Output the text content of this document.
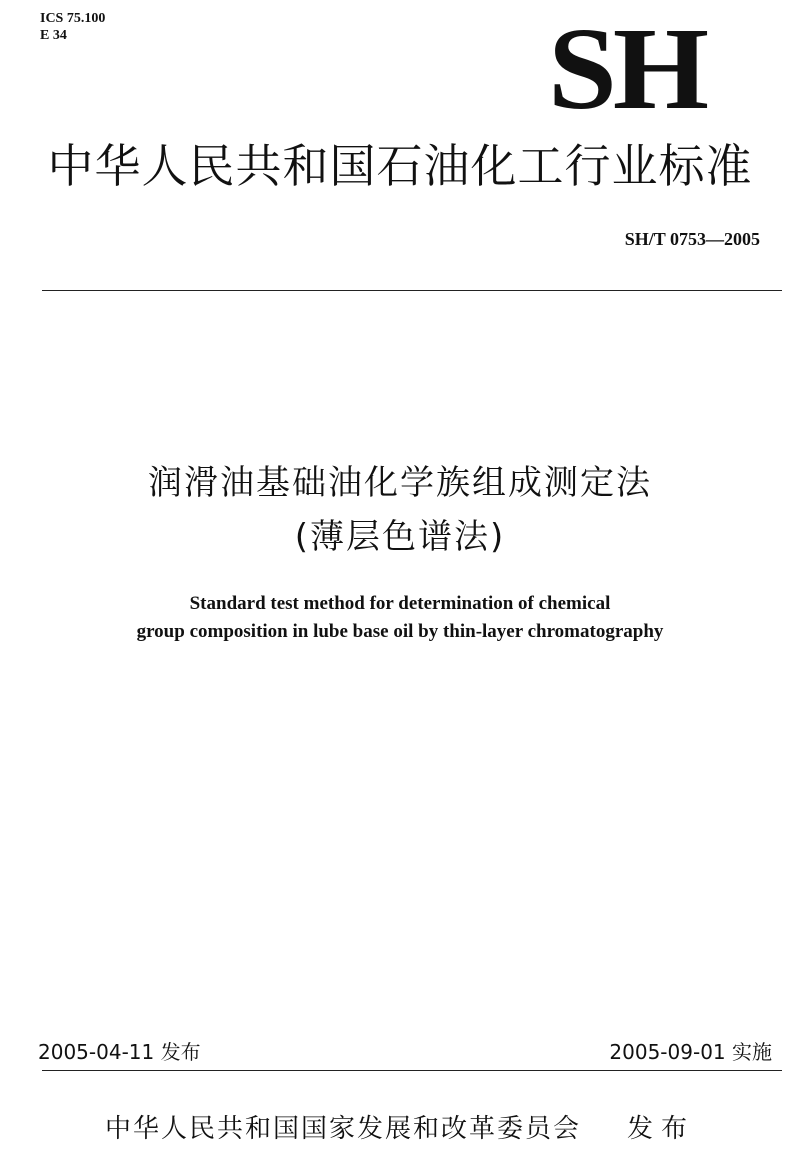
ICS 75.100
E 34	SH
中华人民共和国石油化工行业标准
SH/T 0753—2005
润滑油基础油化学族组成测定法
(薄层色谱法)
Standard test method for determination of chemical
group composition in lube base oil by thin-layer chromatography
2005-04-11 发布	2005-09-01 实施
中华人民共和国国家发展和改革委员会 发布
